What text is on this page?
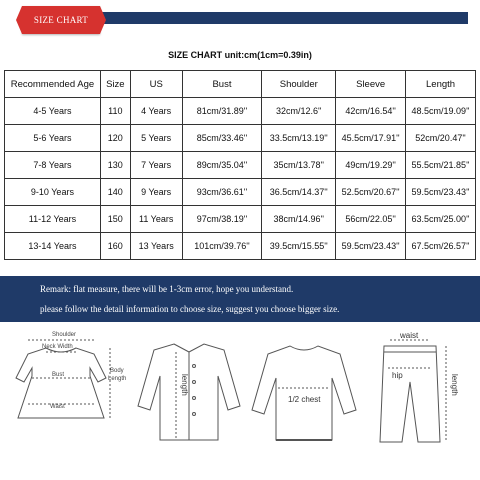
SIZE CHART
SIZE CHART unit:cm(1cm=0.39in)
Recommended Age	Size	US	Bust	Shoulder	Sleeve	Length
4-5 Years	110	4 Years	81cm/31.89''	32cm/12.6''	42cm/16.54''	48.5cm/19.09''
5-6 Years	120	5 Years	85cm/33.46''	33.5cm/13.19''	45.5cm/17.91''	52cm/20.47''
7-8 Years	130	7 Years	89cm/35.04''	35cm/13.78''	49cm/19.29''	55.5cm/21.85''
9-10 Years	140	9 Years	93cm/36.61''	36.5cm/14.37''	52.5cm/20.67''	59.5cm/23.43''
11-12 Years	150	11 Years	97cm/38.19''	38cm/14.96''	56cm/22.05''	63.5cm/25.00''
13-14 Years	160	13 Years	101cm/39.76''	39.5cm/15.55''	59.5cm/23.43''	67.5cm/26.57''
Remark: flat measure, there will be 1-3cm error, hope you understand.
please follow the detail information to choose size, suggest you choose bigger size.
Shoulder
Neck Width
Bust
Waist
Body
Length	length
1/2 chest
waist
hip	length
